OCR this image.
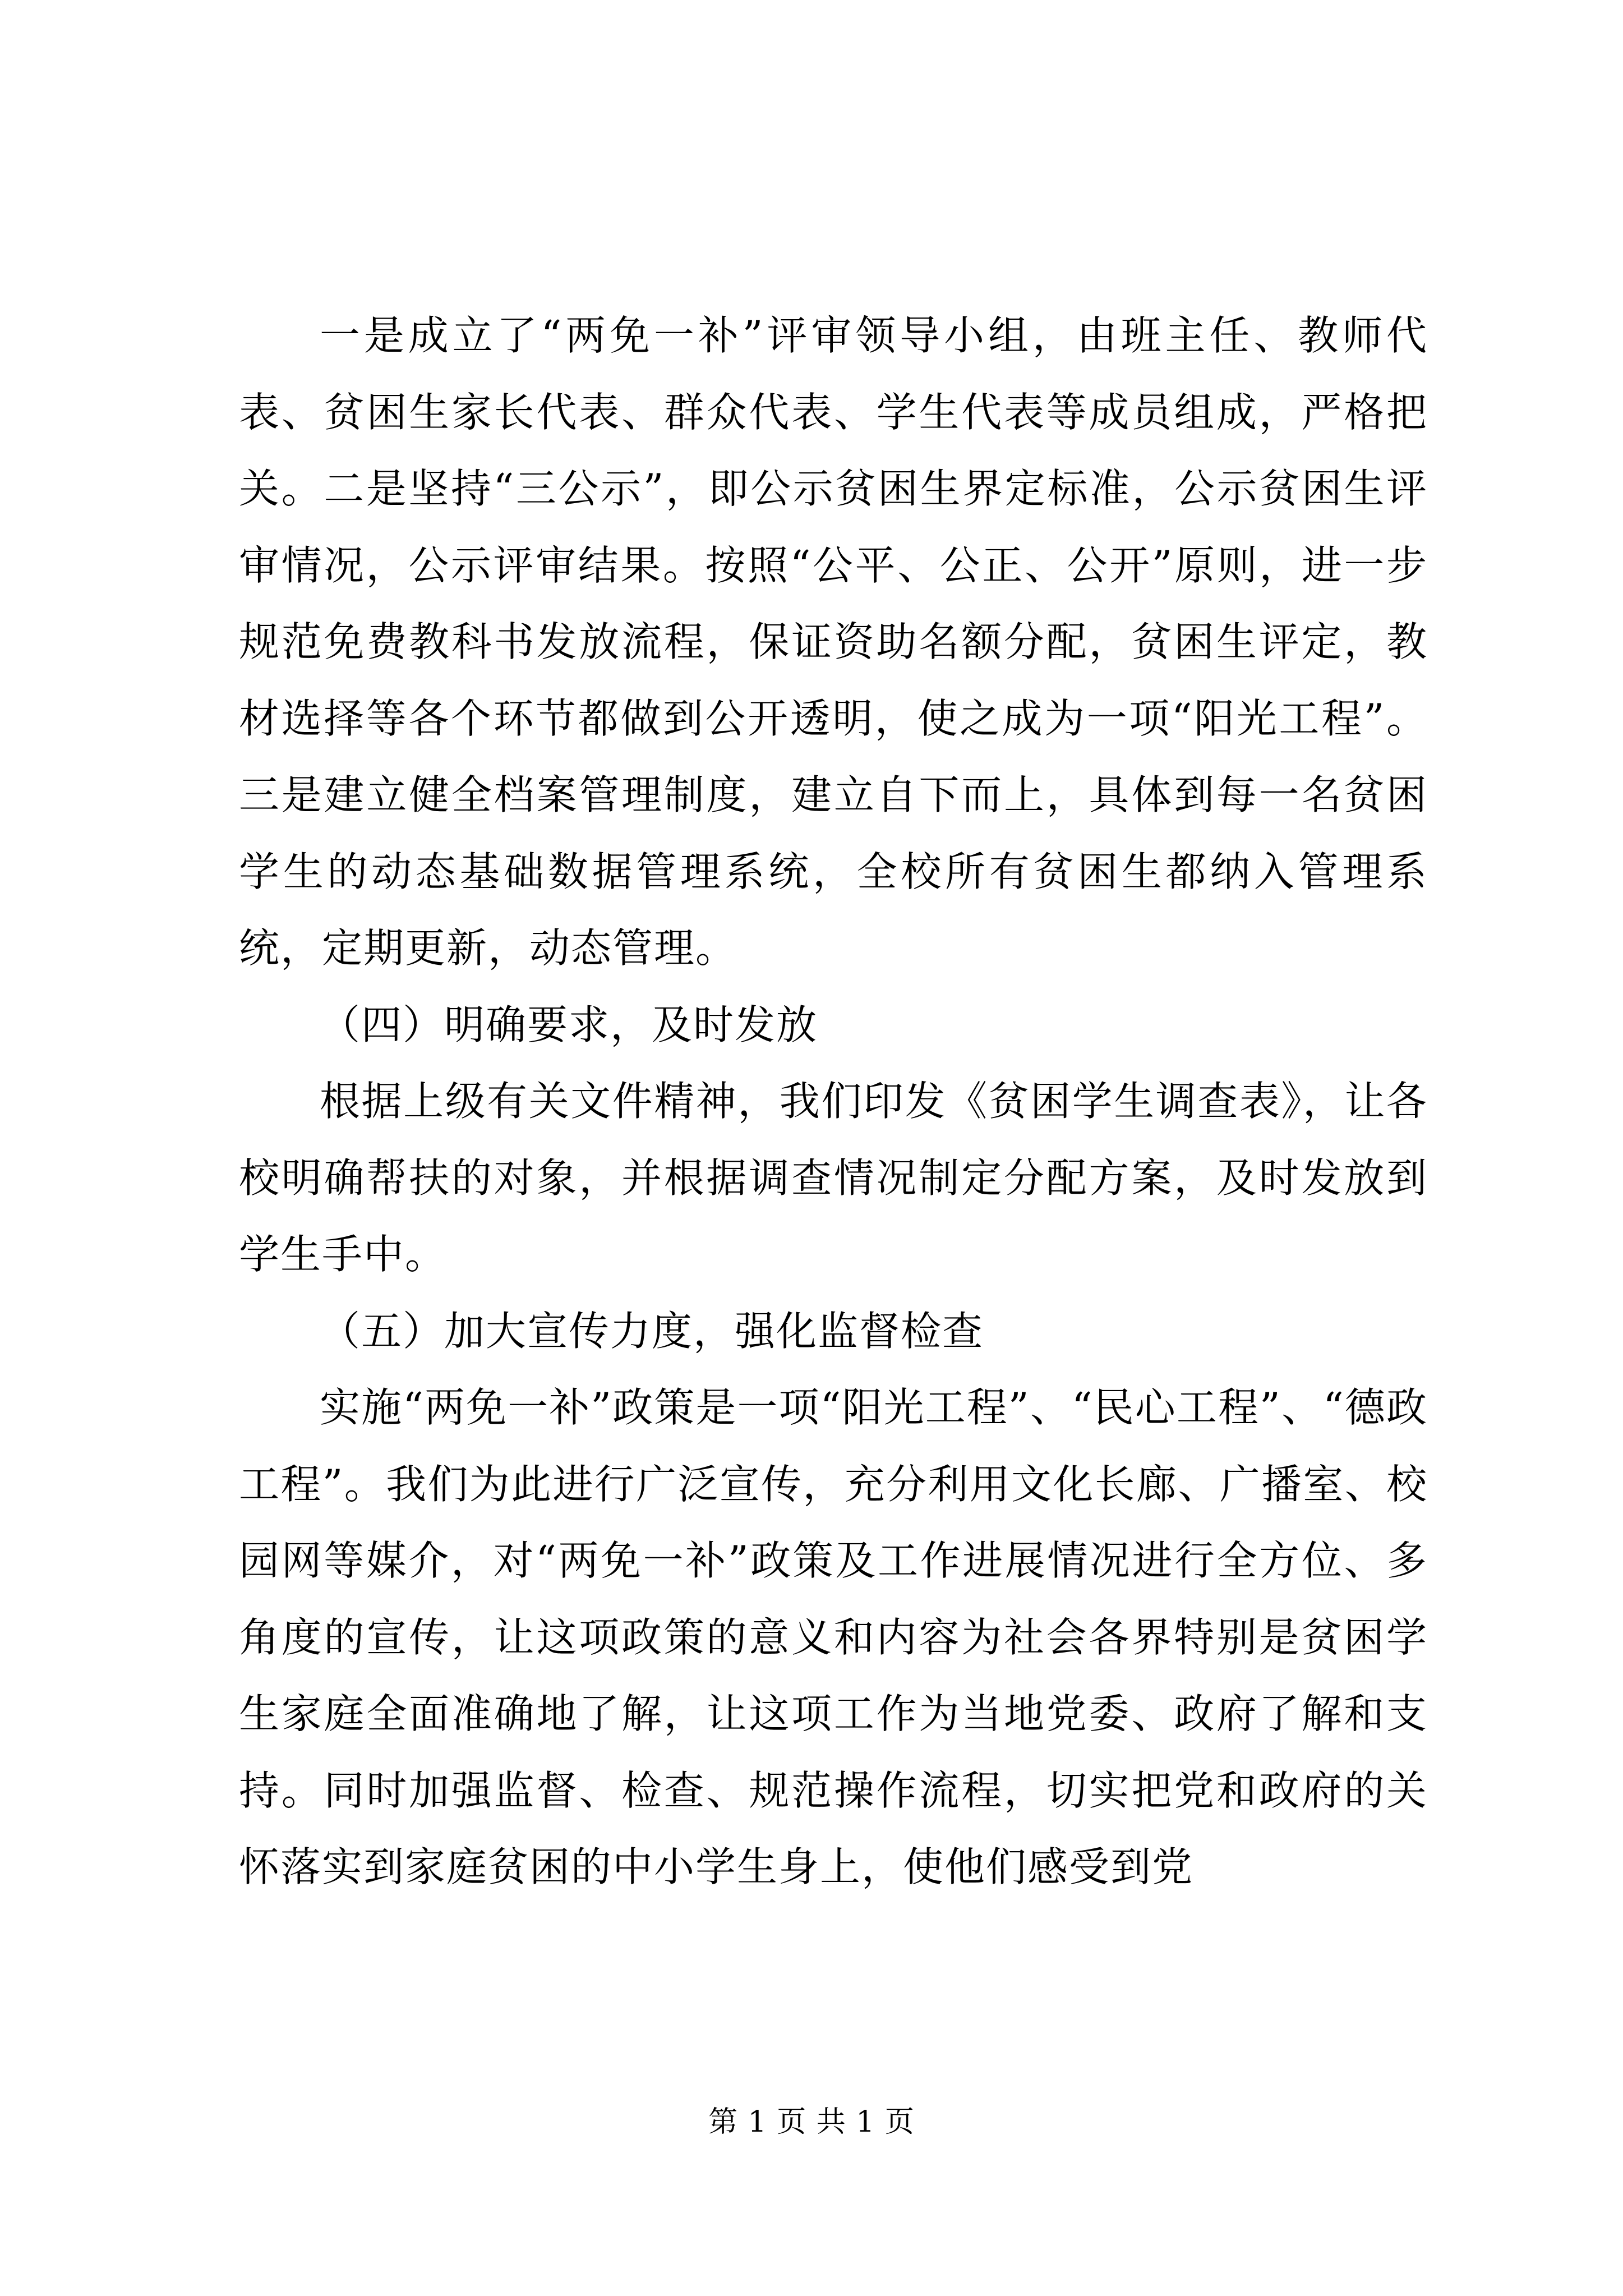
一是成立了“两免一补”评审领导小组，由班主任、教师代表、贫困生家长代表、群众代表、学生代表等成员组成，严格把关。二是坚持“三公示”，即公示贫困生界定标准，公示贫困生评审情况，公示评审结果。按照“公平、公正、公开”原则，进一步规范免费教科书发放流程，保证资助名额分配，贫困生评定，教材选择等各个环节都做到公开透明，使之成为一项“阳光工程”。三是建立健全档案管理制度，建立自下而上，具体到每一名贫困学生的动态基础数据管理系统，全校所有贫困生都纳入管理系统，定期更新，动态管理。

（四）明确要求，及时发放

根据上级有关文件精神，我们印发《贫困学生调查表》，让各校明确帮扶的对象，并根据调查情况制定分配方案，及时发放到学生手中。

（五）加大宣传力度，强化监督检查

实施“两免一补”政策是一项“阳光工程”、“民心工程”、“德政工程”。我们为此进行广泛宣传，充分利用文化长廊、广播室、校园网等媒介，对“两免一补”政策及工作进展情况进行全方位、多角度的宣传，让这项政策的意义和内容为社会各界特别是贫困学生家庭全面准确地了解，让这项工作为当地党委、政府了解和支持。同时加强监督、检查、规范操作流程，切实把党和政府的关怀落实到家庭贫困的中小学生身上，使他们感受到党

第 1 页 共 1 页
